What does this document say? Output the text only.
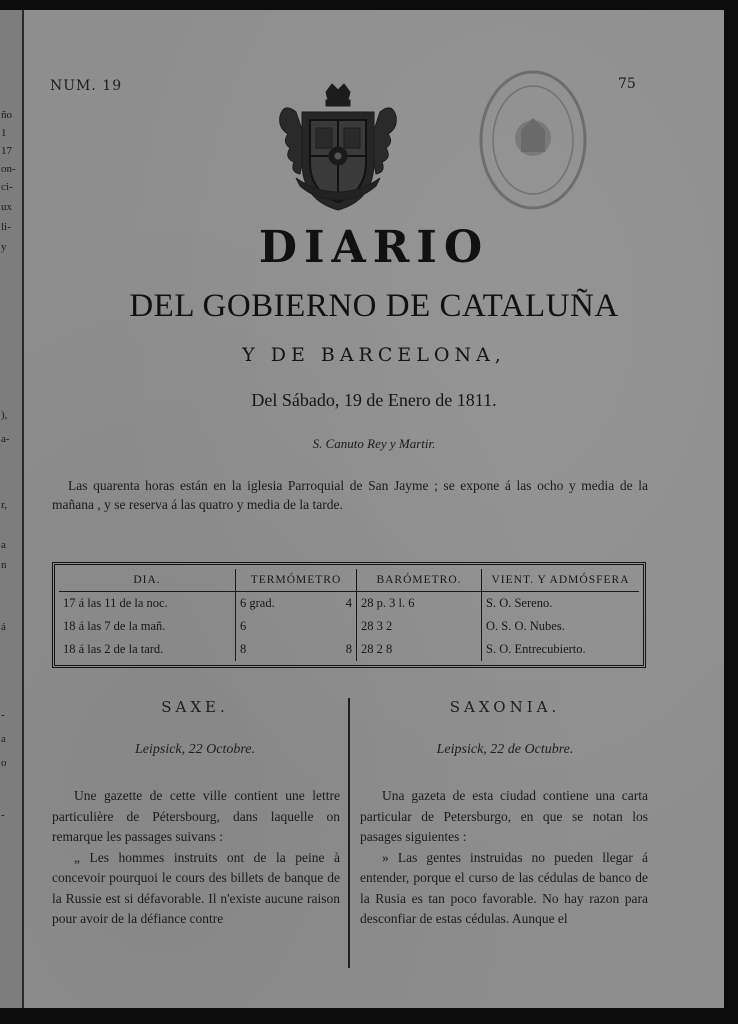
ño
1
17
on-
ci-
ux
li-
y
),
a-
r,
a
n
á
-
a
o
-
NUM. 19	75
DIARIO
DEL GOBIERNO DE CATALUÑA
Y DE BARCELONA,
Del Sábado, 19 de Enero de 1811.
S. Canuto Rey y Martir.
Las quarenta horas están en la iglesia Parroquial de San Jayme ; se expone á las ocho y media de la mañana , y se reserva á las quatro y media de la tarde.
DIA.	TERMÓMETRO	BARÓMETRO.	VIENT. Y ADMÓSFERA
17 á las 11 de la noc.	6 grad. 4	28 p. 3 l. 6	S. O. Sereno.
18 á las 7 de la mañ.	6	28 3 2	O. S. O. Nubes.
18 á las 2 de la tard.	8 8	28 2 8	S. O. Entrecubierto.
SAXE.	SAXONIA.
Leipsick, 22 Octobre.	Leipsick, 22 de Octubre.

Une gazette de cette ville contient une lettre particulière de Pétersbourg, dans laquelle on remarque les passages suivans :

„ Les hommes instruits ont de la peine à concevoir pourquoi le cours des billets de banque de la Russie est si défavorable. Il n'existe aucune raison pour avoir de la défiance contre

Una gazeta de esta ciudad contiene una carta particular de Petersburgo, en que se notan los pasages siguientes :

» Las gentes instruidas no pueden llegar á entender, porque el curso de las cédulas de banco de la Rusia es tan poco favorable. No hay razon para desconfiar de estas cédulas. Aunque el
